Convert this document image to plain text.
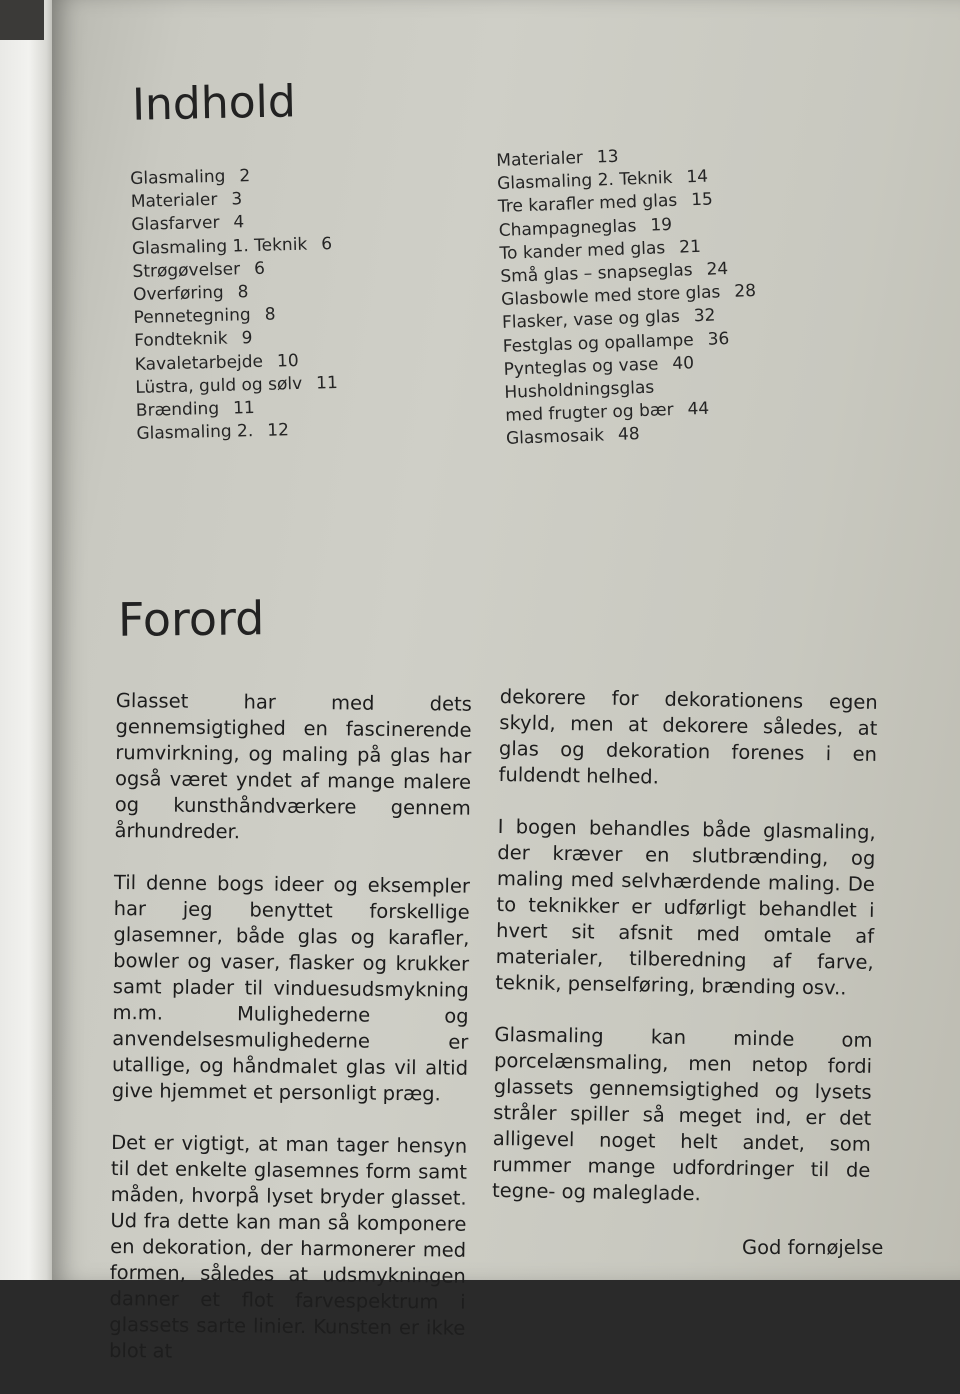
Indhold
Glasmaling 2
Materialer 3
Glasfarver 4
Glasmaling 1. Teknik 6
Strøgøvelser 6
Overføring 8
Pennetegning 8
Fondteknik 9
Kavaletarbejde 10
Lüstra, guld og sølv 11
Brænding 11
Glasmaling 2. 12
Materialer 13
Glasmaling 2. Teknik 14
Tre karafler med glas 15
Champagneglas 19
To kander med glas 21
Små glas – snapseglas 24
Glasbowle med store glas 28
Flasker, vase og glas 32
Festglas og opallampe 36
Pynteglas og vase 40
Husholdningsglas
med frugter og bær 44
Glasmosaik 48
Forord

Glasset har med dets gennemsigtighed en fascinerende rumvirkning, og maling på glas har også været yndet af mange malere og kunsthåndværkere gennem århundreder.

Til denne bogs ideer og eksempler har jeg benyttet forskellige glasemner, både glas og karafler, bowler og vaser, flasker og krukker samt plader til vinduesudsmykning m.m. Mulighederne og anvendelsesmulighederne er utallige, og håndmalet glas vil altid give hjemmet et personligt præg.

Det er vigtigt, at man tager hensyn til det enkelte glasemnes form samt måden, hvorpå lyset bryder glasset. Ud fra dette kan man så komponere en dekoration, der harmonerer med formen, således at udsmykningen danner et flot farvespektrum i glassets sarte linier. Kunsten er ikke blot at

dekorere for dekorationens egen skyld, men at dekorere således, at glas og dekoration forenes i en fuldendt helhed.

I bogen behandles både glasmaling, der kræver en slutbrænding, og maling med selvhærdende maling. De to teknikker er udførligt behandlet i hvert sit afsnit med omtale af materialer, tilberedning af farve, teknik, penselføring, brænding osv..

Glasmaling kan minde om porcelænsmaling, men netop fordi glassets gennemsigtighed og lysets stråler spiller så meget ind, er det alligevel noget helt andet, som rummer mange udfordringer til de tegne- og maleglade.

God fornøjelse
